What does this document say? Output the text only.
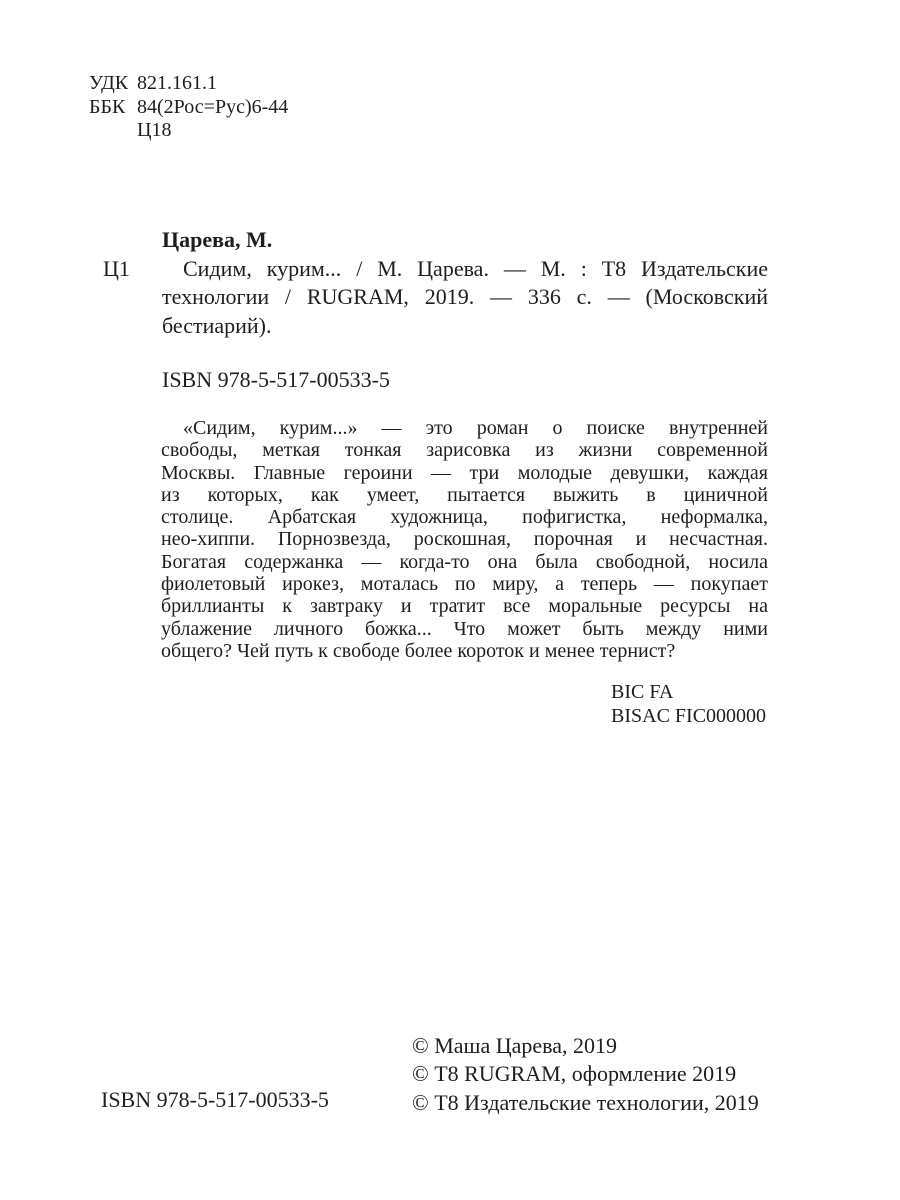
УДК 821.161.1
ББК 84(2Рос=Рус)6-44
Ц18
Царева, М.
Ц1	Сидим, курим... / М. Царева. — М. : Т8 Издательские
технологии / RUGRAM, 2019. — 336 с. — (Московский
бестиарий).
ISBN 978-5-517-00533-5
«Сидим, курим...» — это роман о поиске внутренней
свободы, меткая тонкая зарисовка из жизни современной
Москвы. Главные героини — три молодые девушки, каждая
из которых, как умеет, пытается выжить в циничной
столице. Арбатская художница, пофигистка, неформалка,
нео-хиппи. Порнозвезда, роскошная, порочная и несчастная.
Богатая содержанка — когда-то она была свободной, носила
фиолетовый ирокез, моталась по миру, а теперь — покупает
бриллианты к завтраку и тратит все моральные ресурсы на
ублажение личного божка... Что может быть между ними
общего? Чей путь к свободе более короток и менее тернист?
BIC FA
BISAC FIC000000
© Маша Царева, 2019
© Т8 RUGRAM, оформление 2019
© Т8 Издательские технологии, 2019
ISBN 978-5-517-00533-5
